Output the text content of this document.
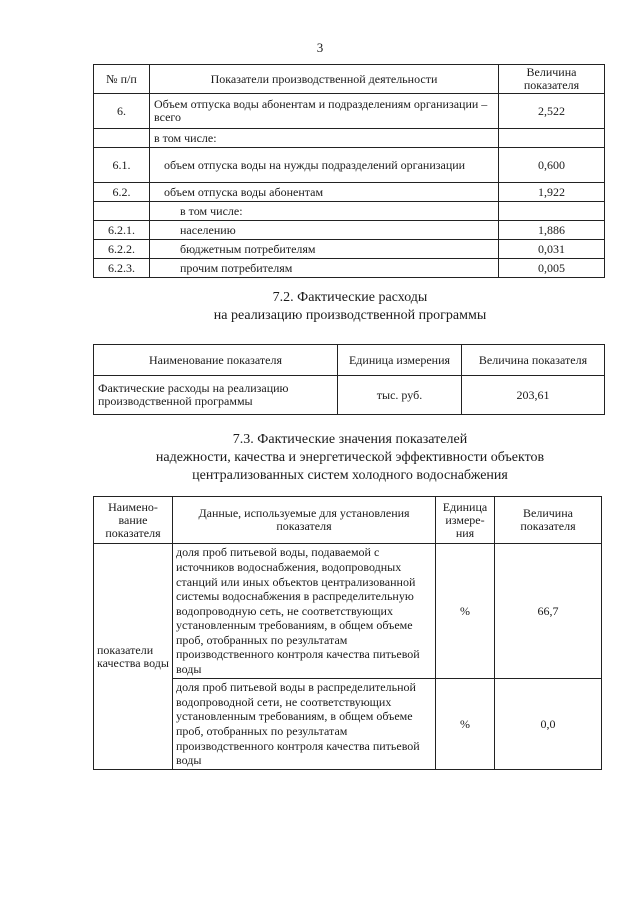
3
№ п/п	Показатели производственной деятельности	Величина показателя
6.	Объем отпуска воды абонентам и подразделениям организации – всего	2,522
	в том числе:	
6.1.	объем отпуска воды на нужды подразделений организации	0,600
6.2.	объем отпуска воды абонентам	1,922
	в том числе:	
6.2.1.	населению	1,886
6.2.2.	бюджетным потребителям	0,031
6.2.3.	прочим потребителям	0,005
7.2. Фактические расходы
на реализацию производственной программы
Наименование показателя	Единица измерения	Величина показателя
Фактические расходы на реализацию производственной программы	тыс. руб.	203,61
7.3. Фактические значения показателей
надежности, качества и энергетической эффективности объектов
централизованных систем холодного водоснабжения
Наимено-вание показателя	Данные, используемые для установления показателя	Единица измере-ния	Величина показателя
показатели качества воды	доля проб питьевой воды, подаваемой с источников водоснабжения, водопроводных станций или иных объектов централизованной системы водоснабжения в распределительную водопроводную сеть, не соответствующих установленным требованиям, в общем объеме проб, отобранных по результатам производственного контроля качества питьевой воды	%	66,7
	доля проб питьевой воды в распределительной водопроводной сети, не соответствующих установленным требованиям, в общем объеме проб, отобранных по результатам производственного контроля качества питьевой воды	%	0,0
